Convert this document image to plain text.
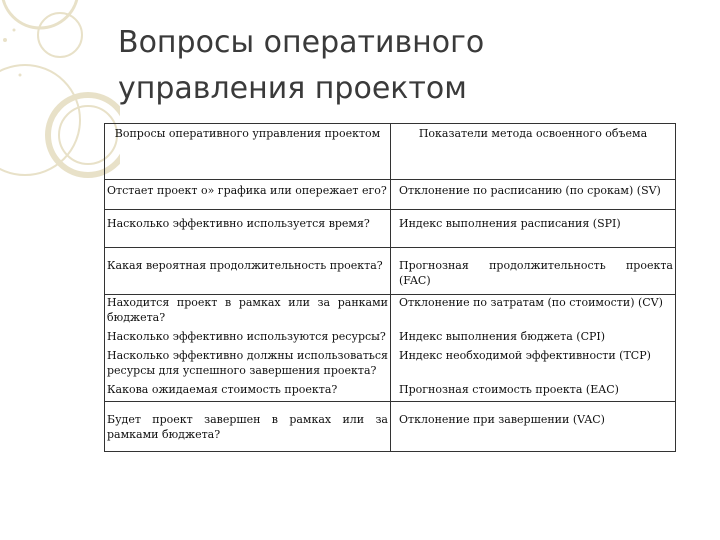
Вопросы оперативного
управления проектом
Вопросы оперативного управления проектом	Показатели метода освоенного объема
Отстает проект о» графика или опережает его?	Отклонение по расписанию (по срокам) (SV)
Насколько эффективно используется время?	Индекс выполнения расписания (SPI)
Какая вероятная продолжительность проекта?	Прогнозная продолжительность проекта (FAC)
Находится проект в рамках или за ранками бюджета?	Отклонение по затратам (по стоимости) (CV)
Насколько эффективно используются ресурсы?	Индекс выполнения бюджета (CPI)
Насколько эффективно должны использоваться ресурсы для успешного завершения проекта?	Индекс необходимой эффективности (TCP)
Какова ожидаемая стоимость проекта?	Прогнозная стоимость проекта (EAC)
Будет проект завершен в рамках или за рамками бюджета?	Отклонение при завершении (VAC)
